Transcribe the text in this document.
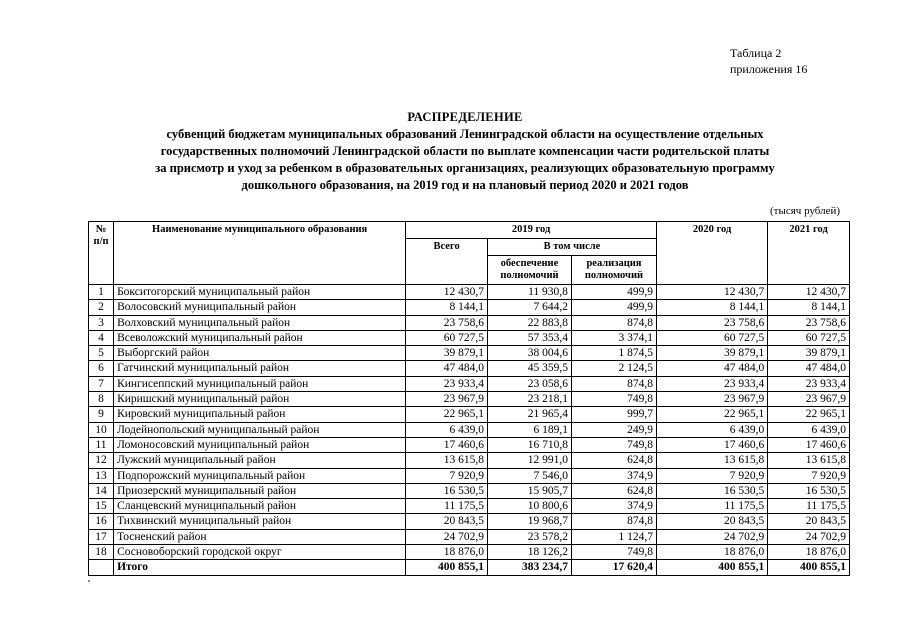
Таблица 2
приложения 16
РАСПРЕДЕЛЕНИЕ
субвенций бюджетам муниципальных образований Ленинградской области на осуществление отдельных
государственных полномочий Ленинградской области по выплате компенсации части родительской платы
за присмотр и уход за ребенком в образовательных организациях, реализующих образовательную программу
дошкольного образования, на 2019 год и на плановый период 2020 и 2021 годов
(тысяч рублей)
№ п/п	Наименование муниципального образования	2019 год			2020 год	2021 год
		Всего	В том числе			
			обеспечение полномочий	реализация полномочий		
1	Бокситогорский муниципальный район	12 430,7	11 930,8	499,9	12 430,7	12 430,7
2	Волосовский муниципальный район	8 144,1	7 644,2	499,9	8 144,1	8 144,1
3	Волховский муниципальный район	23 758,6	22 883,8	874,8	23 758,6	23 758,6
4	Всеволожский муниципальный район	60 727,5	57 353,4	3 374,1	60 727,5	60 727,5
5	Выборгский район	39 879,1	38 004,6	1 874,5	39 879,1	39 879,1
6	Гатчинский муниципальный район	47 484,0	45 359,5	2 124,5	47 484,0	47 484,0
7	Кингисеппский муниципальный район	23 933,4	23 058,6	874,8	23 933,4	23 933,4
8	Киришский муниципальный район	23 967,9	23 218,1	749,8	23 967,9	23 967,9
9	Кировский муниципальный район	22 965,1	21 965,4	999,7	22 965,1	22 965,1
10	Лодейнопольский муниципальный район	6 439,0	6 189,1	249,9	6 439,0	6 439,0
11	Ломоносовский муниципальный район	17 460,6	16 710,8	749,8	17 460,6	17 460,6
12	Лужский муниципальный район	13 615,8	12 991,0	624,8	13 615,8	13 615,8
13	Подпорожский муниципальный район	7 920,9	7 546,0	374,9	7 920,9	7 920,9
14	Приозерский муниципальный район	16 530,5	15 905,7	624,8	16 530,5	16 530,5
15	Сланцевский муниципальный район	11 175,5	10 800,6	374,9	11 175,5	11 175,5
16	Тихвинский муниципальный район	20 843,5	19 968,7	874,8	20 843,5	20 843,5
17	Тосненский район	24 702,9	23 578,2	1 124,7	24 702,9	24 702,9
18	Сосновоборский городской округ	18 876,0	18 126,2	749,8	18 876,0	18 876,0
	Итого	400 855,1	383 234,7	17 620,4	400 855,1	400 855,1
